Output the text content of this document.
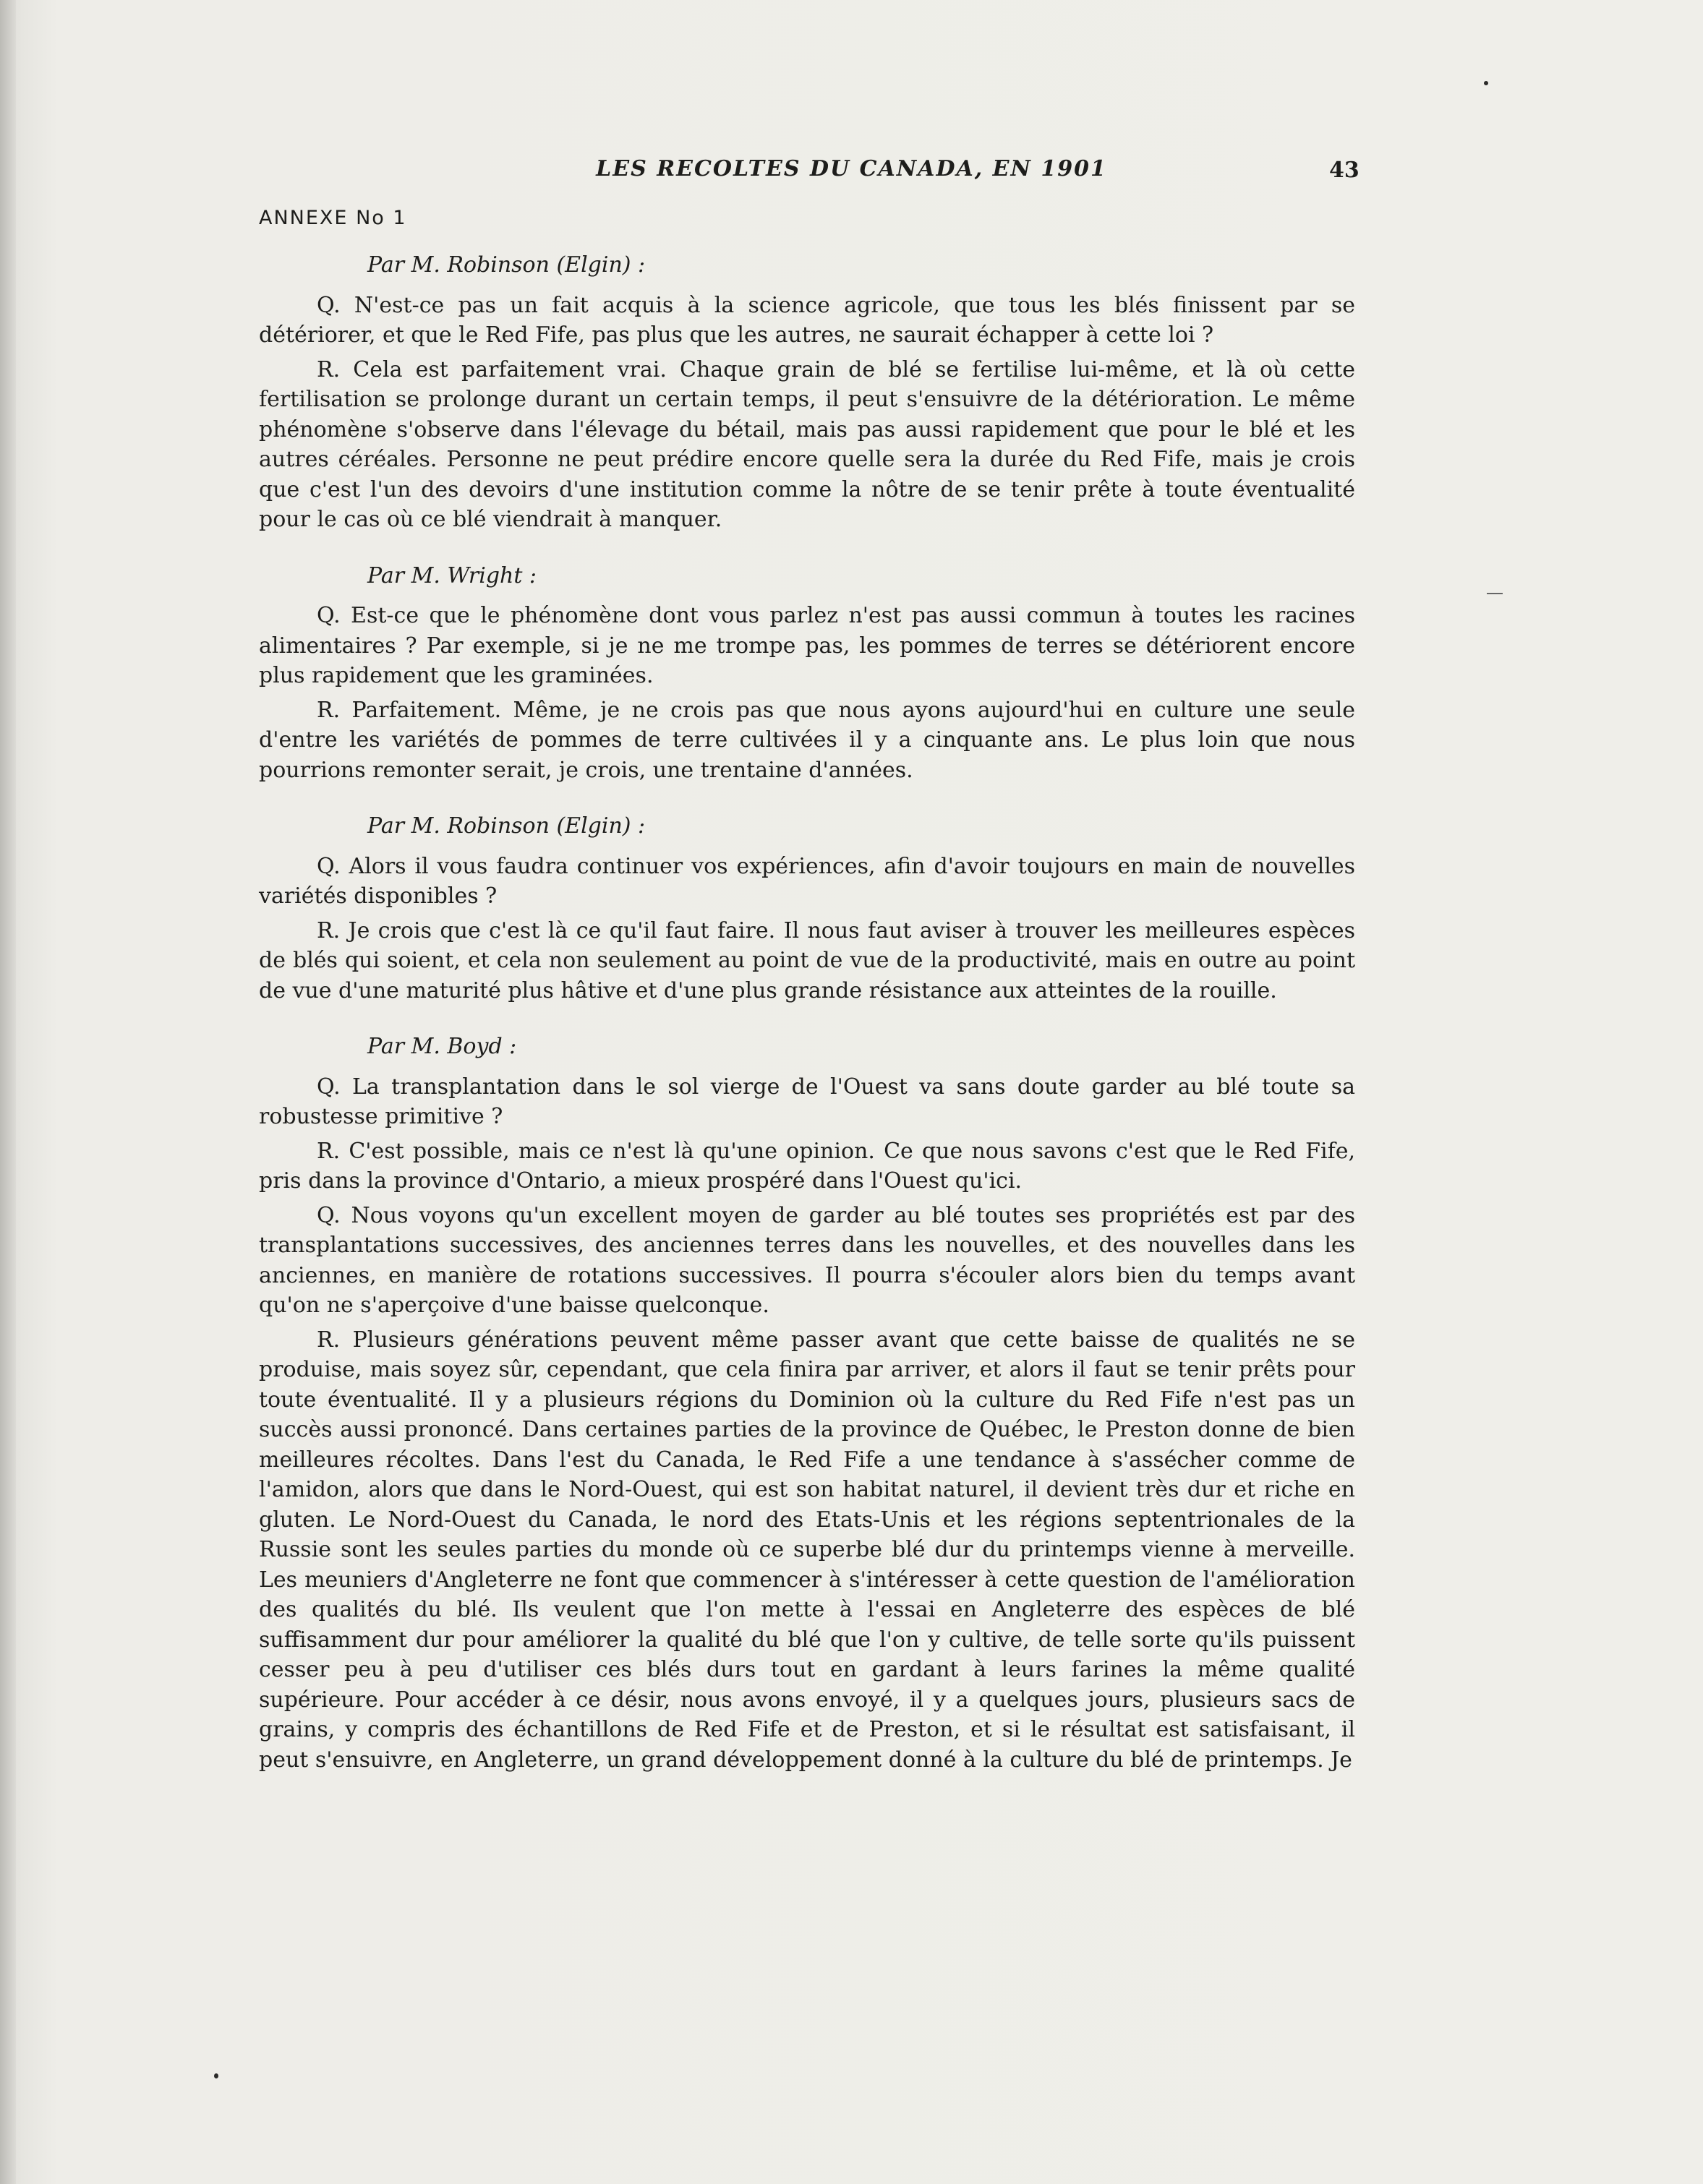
LES RECOLTES DU CANADA, EN 1901	43
ANNEXE No 1
Par M. Robinson (Elgin) :

Q. N'est-ce pas un fait acquis à la science agricole, que tous les blés finissent par se détériorer, et que le Red Fife, pas plus que les autres, ne saurait échapper à cette loi ?

R. Cela est parfaitement vrai. Chaque grain de blé se fertilise lui-même, et là où cette fertilisation se prolonge durant un certain temps, il peut s'ensuivre de la détérioration. Le même phénomène s'observe dans l'élevage du bétail, mais pas aussi rapidement que pour le blé et les autres céréales. Personne ne peut prédire encore quelle sera la durée du Red Fife, mais je crois que c'est l'un des devoirs d'une institution comme la nôtre de se tenir prête à toute éventualité pour le cas où ce blé viendrait à manquer.

Par M. Wright :

Q. Est-ce que le phénomène dont vous parlez n'est pas aussi commun à toutes les racines alimentaires ? Par exemple, si je ne me trompe pas, les pommes de terres se détériorent encore plus rapidement que les graminées.

R. Parfaitement. Même, je ne crois pas que nous ayons aujourd'hui en culture une seule d'entre les variétés de pommes de terre cultivées il y a cinquante ans. Le plus loin que nous pourrions remonter serait, je crois, une trentaine d'années.

Par M. Robinson (Elgin) :

Q. Alors il vous faudra continuer vos expériences, afin d'avoir toujours en main de nouvelles variétés disponibles ?

R. Je crois que c'est là ce qu'il faut faire. Il nous faut aviser à trouver les meilleures espèces de blés qui soient, et cela non seulement au point de vue de la productivité, mais en outre au point de vue d'une maturité plus hâtive et d'une plus grande résistance aux atteintes de la rouille.

Par M. Boyd :

Q. La transplantation dans le sol vierge de l'Ouest va sans doute garder au blé toute sa robustesse primitive ?

R. C'est possible, mais ce n'est là qu'une opinion. Ce que nous savons c'est que le Red Fife, pris dans la province d'Ontario, a mieux prospéré dans l'Ouest qu'ici.

Q. Nous voyons qu'un excellent moyen de garder au blé toutes ses propriétés est par des transplantations successives, des anciennes terres dans les nouvelles, et des nouvelles dans les anciennes, en manière de rotations successives. Il pourra s'écouler alors bien du temps avant qu'on ne s'aperçoive d'une baisse quelconque.

R. Plusieurs générations peuvent même passer avant que cette baisse de qualités ne se produise, mais soyez sûr, cependant, que cela finira par arriver, et alors il faut se tenir prêts pour toute éventualité. Il y a plusieurs régions du Dominion où la culture du Red Fife n'est pas un succès aussi prononcé. Dans certaines parties de la province de Québec, le Preston donne de bien meilleures récoltes. Dans l'est du Canada, le Red Fife a une tendance à s'assécher comme de l'amidon, alors que dans le Nord-Ouest, qui est son habitat naturel, il devient très dur et riche en gluten. Le Nord-Ouest du Canada, le nord des Etats-Unis et les régions septentrionales de la Russie sont les seules parties du monde où ce superbe blé dur du printemps vienne à merveille. Les meuniers d'Angleterre ne font que commencer à s'intéresser à cette question de l'amélioration des qualités du blé. Ils veulent que l'on mette à l'essai en Angleterre des espèces de blé suffisamment dur pour améliorer la qualité du blé que l'on y cultive, de telle sorte qu'ils puissent cesser peu à peu d'utiliser ces blés durs tout en gardant à leurs farines la même qualité supérieure. Pour accéder à ce désir, nous avons envoyé, il y a quelques jours, plusieurs sacs de grains, y compris des échantillons de Red Fife et de Preston, et si le résultat est satisfaisant, il peut s'ensuivre, en Angleterre, un grand développement donné à la culture du blé de printemps. Je
